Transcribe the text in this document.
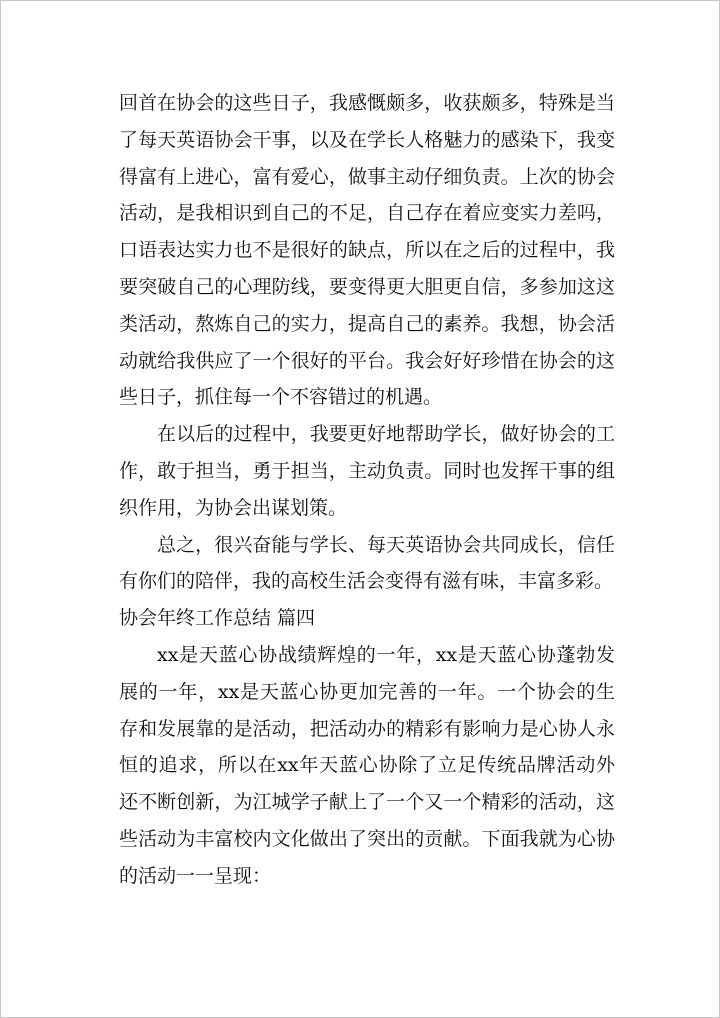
回首在协会的这些日子，我感慨颇多，收获颇多，特殊是当了每天英语协会干事，以及在学长人格魅力的感染下，我变得富有上进心，富有爱心，做事主动仔细负责。上次的协会活动，是我相识到自己的不足，自己存在着应变实力差吗，口语表达实力也不是很好的缺点，所以在之后的过程中，我要突破自己的心理防线，要变得更大胆更自信，多参加这这类活动，熬炼自己的实力，提高自己的素养。我想，协会活动就给我供应了一个很好的平台。我会好好珍惜在协会的这些日子，抓住每一个不容错过的机遇。

在以后的过程中，我要更好地帮助学长，做好协会的工作，敢于担当，勇于担当，主动负责。同时也发挥干事的组织作用，为协会出谋划策。

总之，很兴奋能与学长、每天英语协会共同成长，信任有你们的陪伴，我的高校生活会变得有滋有味，丰富多彩。

协会年终工作总结 篇四

xx是天蓝心协战绩辉煌的一年，xx是天蓝心协蓬勃发展的一年，xx是天蓝心协更加完善的一年。一个协会的生存和发展靠的是活动，把活动办的精彩有影响力是心协人永恒的追求，所以在xx年天蓝心协除了立足传统品牌活动外还不断创新，为江城学子献上了一个又一个精彩的活动，这些活动为丰富校内文化做出了突出的贡献。下面我就为心协的活动一一呈现：
